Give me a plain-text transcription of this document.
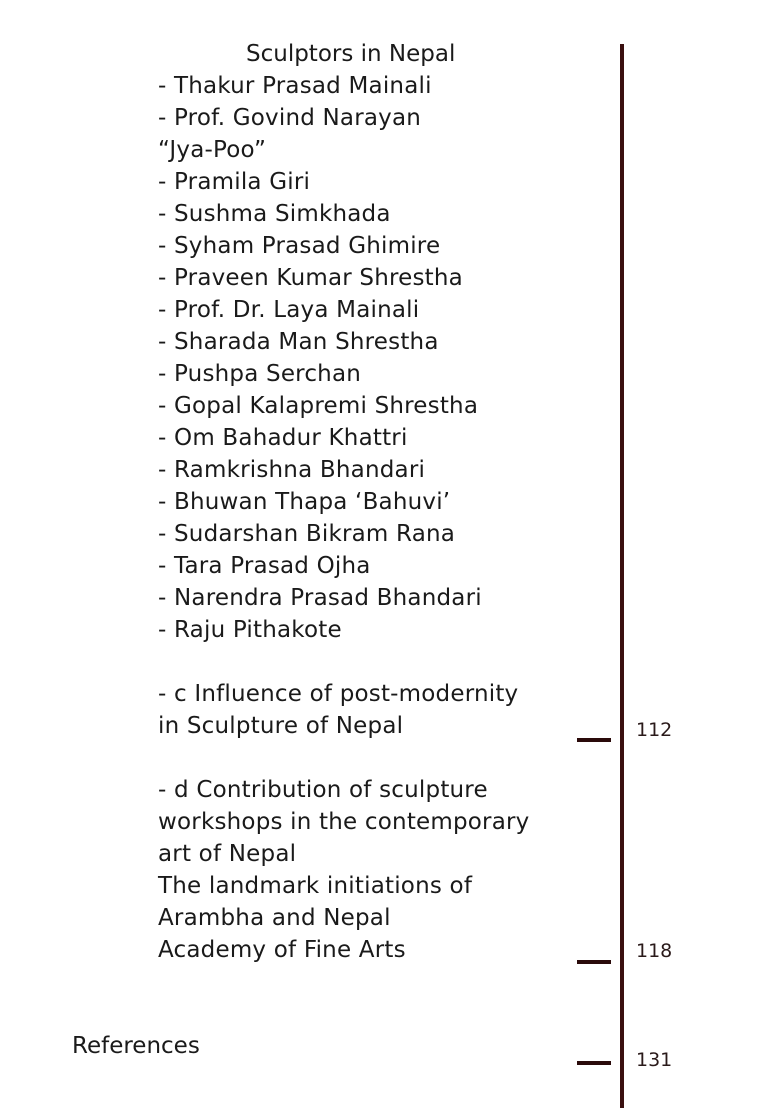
Sculptors in Nepal
- Thakur Prasad Mainali
- Prof. Govind Narayan
“Jya-Poo”
- Pramila Giri
- Sushma Simkhada
- Syham Prasad Ghimire
- Praveen Kumar Shrestha
- Prof. Dr. Laya Mainali
- Sharada Man Shrestha
- Pushpa Serchan
- Gopal Kalapremi Shrestha
- Om Bahadur Khattri
- Ramkrishna Bhandari
- Bhuwan Thapa ‘Bahuvi’
- Sudarshan Bikram Rana
- Tara Prasad Ojha
- Narendra Prasad Bhandari
- Raju Pithakote
- c Influence of post-modernity
in Sculpture of Nepal	112
- d Contribution of sculpture
workshops in the contemporary
art of Nepal
The landmark initiations of
Arambha and Nepal
Academy of Fine Arts	118
References
131
